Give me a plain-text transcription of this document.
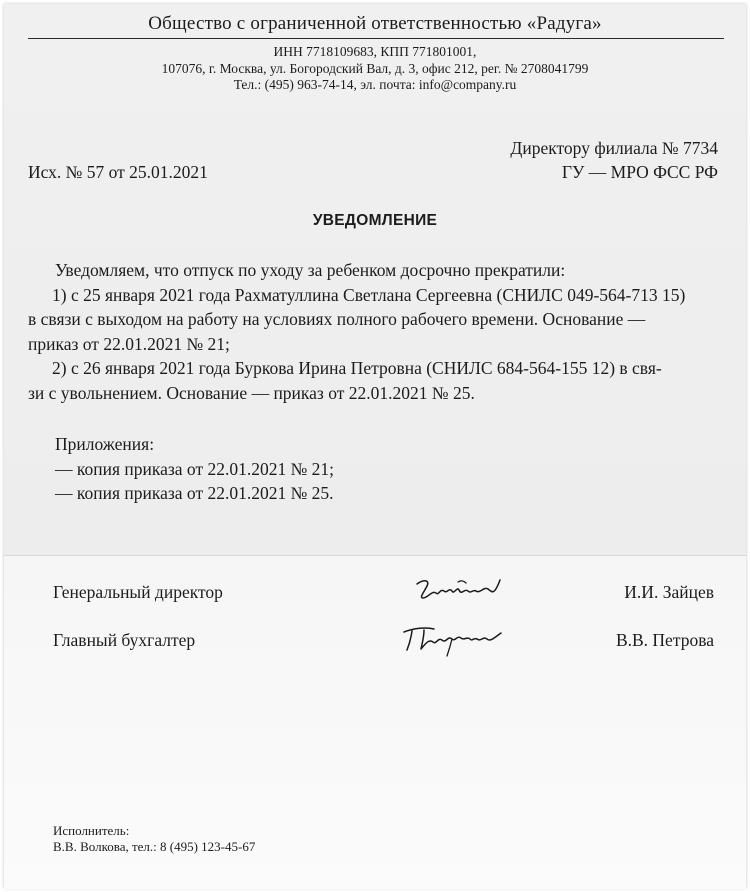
Общество с ограниченной ответственностью «Радуга»
ИНН 7718109683, КПП 771801001,
107076, г. Москва, ул. Богородский Вал, д. 3, офис 212, рег. № 2708041799
Тел.: (495) 963-74-14, эл. почта: info@company.ru
Директору филиала № 7734
ГУ — МРО ФСС РФ
Исх. № 57 от 25.01.2021
УВЕДОМЛЕНИЕ
Уведомляем, что отпуск по уходу за ребенком досрочно прекратили:
1) с 25 января 2021 года Рахматуллина Светлана Сергеевна (СНИЛС 049-564-713 15)
в связи с выходом на работу на условиях полного рабочего времени. Основание —
приказ от 22.01.2021 № 21;
2) с 26 января 2021 года Буркова Ирина Петровна (СНИЛС 684-564-155 12) в свя-
зи с увольнением. Основание — приказ от 22.01.2021 № 25.
Приложения:
— копия приказа от 22.01.2021 № 21;
— копия приказа от 22.01.2021 № 25.
Генеральный директор	И.И. Зайцев
Главный бухгалтер	В.В. Петрова
Исполнитель:
В.В. Волкова, тел.: 8 (495) 123-45-67
